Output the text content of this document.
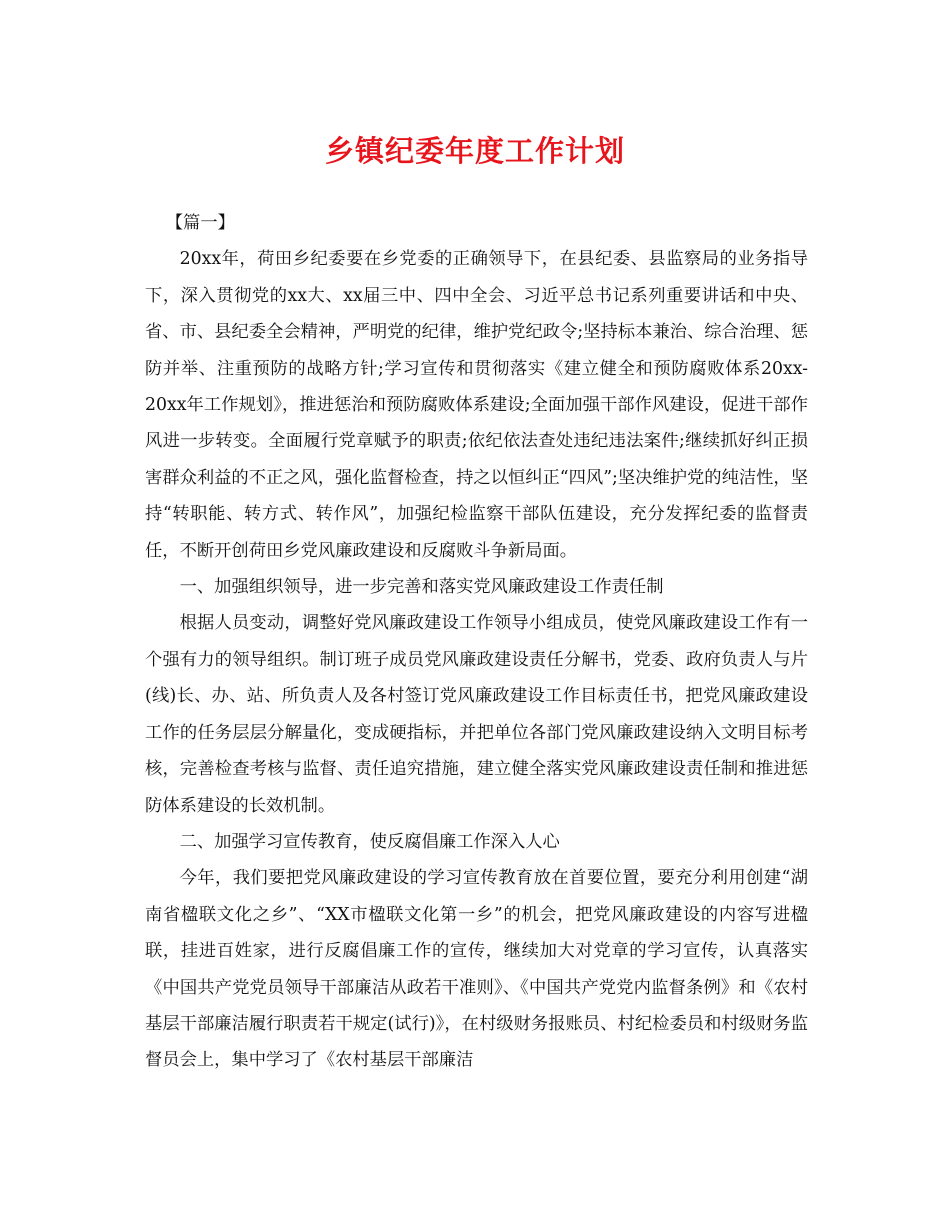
乡镇纪委年度工作计划

【篇一】

20xx年，荷田乡纪委要在乡党委的正确领导下，在县纪委、县监察局的业务指导下，深入贯彻党的xx大、xx届三中、四中全会、习近平总书记系列重要讲话和中央、省、市、县纪委全会精神，严明党的纪律，维护党纪政令;坚持标本兼治、综合治理、惩防并举、注重预防的战略方针;学习宣传和贯彻落实《建立健全和预防腐败体系20xx-20xx年工作规划》，推进惩治和预防腐败体系建设;全面加强干部作风建设，促进干部作风进一步转变。全面履行党章赋予的职责;依纪依法查处违纪违法案件;继续抓好纠正损害群众利益的不正之风，强化监督检查，持之以恒纠正“四风”;坚决维护党的纯洁性，坚持“转职能、转方式、转作风”，加强纪检监察干部队伍建设，充分发挥纪委的监督责任，不断开创荷田乡党风廉政建设和反腐败斗争新局面。

一、加强组织领导，进一步完善和落实党风廉政建设工作责任制

根据人员变动，调整好党风廉政建设工作领导小组成员，使党风廉政建设工作有一个强有力的领导组织。制订班子成员党风廉政建设责任分解书，党委、政府负责人与片(线)长、办、站、所负责人及各村签订党风廉政建设工作目标责任书，把党风廉政建设工作的任务层层分解量化，变成硬指标，并把单位各部门党风廉政建设纳入文明目标考核，完善检查考核与监督、责任追究措施，建立健全落实党风廉政建设责任制和推进惩防体系建设的长效机制。

二、加强学习宣传教育，使反腐倡廉工作深入人心

今年，我们要把党风廉政建设的学习宣传教育放在首要位置，要充分利用创建“湖南省楹联文化之乡”、“XX市楹联文化第一乡”的机会，把党风廉政建设的内容写进楹联，挂进百姓家，进行反腐倡廉工作的宣传，继续加大对党章的学习宣传，认真落实《中国共产党党员领导干部廉洁从政若干准则》、《中国共产党党内监督条例》和《农村基层干部廉洁履行职责若干规定(试行)》，在村级财务报账员、村纪检委员和村级财务监督员会上，集中学习了《农村基层干部廉洁
